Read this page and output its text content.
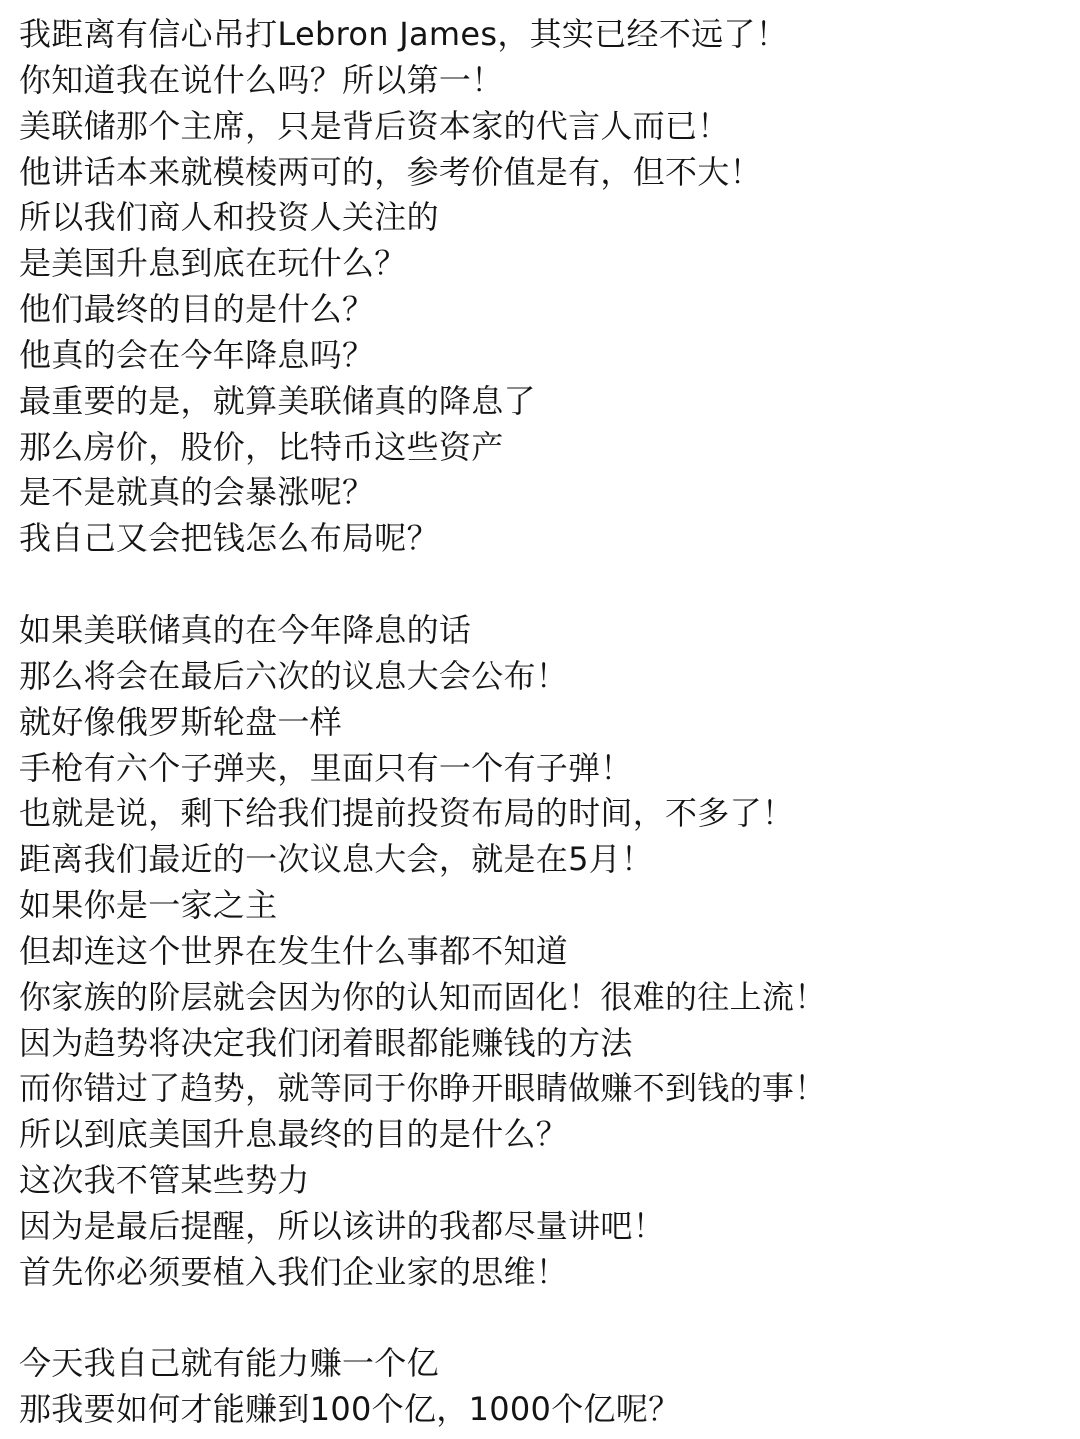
我距离有信心吊打Lebron James，其实已经不远了！
你知道我在说什么吗？所以第一！
美联储那个主席，只是背后资本家的代言人而已！
他讲话本来就模棱两可的，参考价值是有，但不大！
所以我们商人和投资人关注的
是美国升息到底在玩什么？
他们最终的目的是什么？
他真的会在今年降息吗？
最重要的是，就算美联储真的降息了
那么房价，股价，比特币这些资产
是不是就真的会暴涨呢？
我自己又会把钱怎么布局呢？
如果美联储真的在今年降息的话
那么将会在最后六次的议息大会公布！
就好像俄罗斯轮盘一样
手枪有六个子弹夹，里面只有一个有子弹！
也就是说，剩下给我们提前投资布局的时间，不多了！
距离我们最近的一次议息大会，就是在5月！
如果你是一家之主
但却连这个世界在发生什么事都不知道
你家族的阶层就会因为你的认知而固化！很难的往上流！
因为趋势将决定我们闭着眼都能赚钱的方法
而你错过了趋势，就等同于你睁开眼睛做赚不到钱的事！
所以到底美国升息最终的目的是什么？
这次我不管某些势力
因为是最后提醒，所以该讲的我都尽量讲吧！
首先你必须要植入我们企业家的思维！
今天我自己就有能力赚一个亿
那我要如何才能赚到100个亿，1000个亿呢？
